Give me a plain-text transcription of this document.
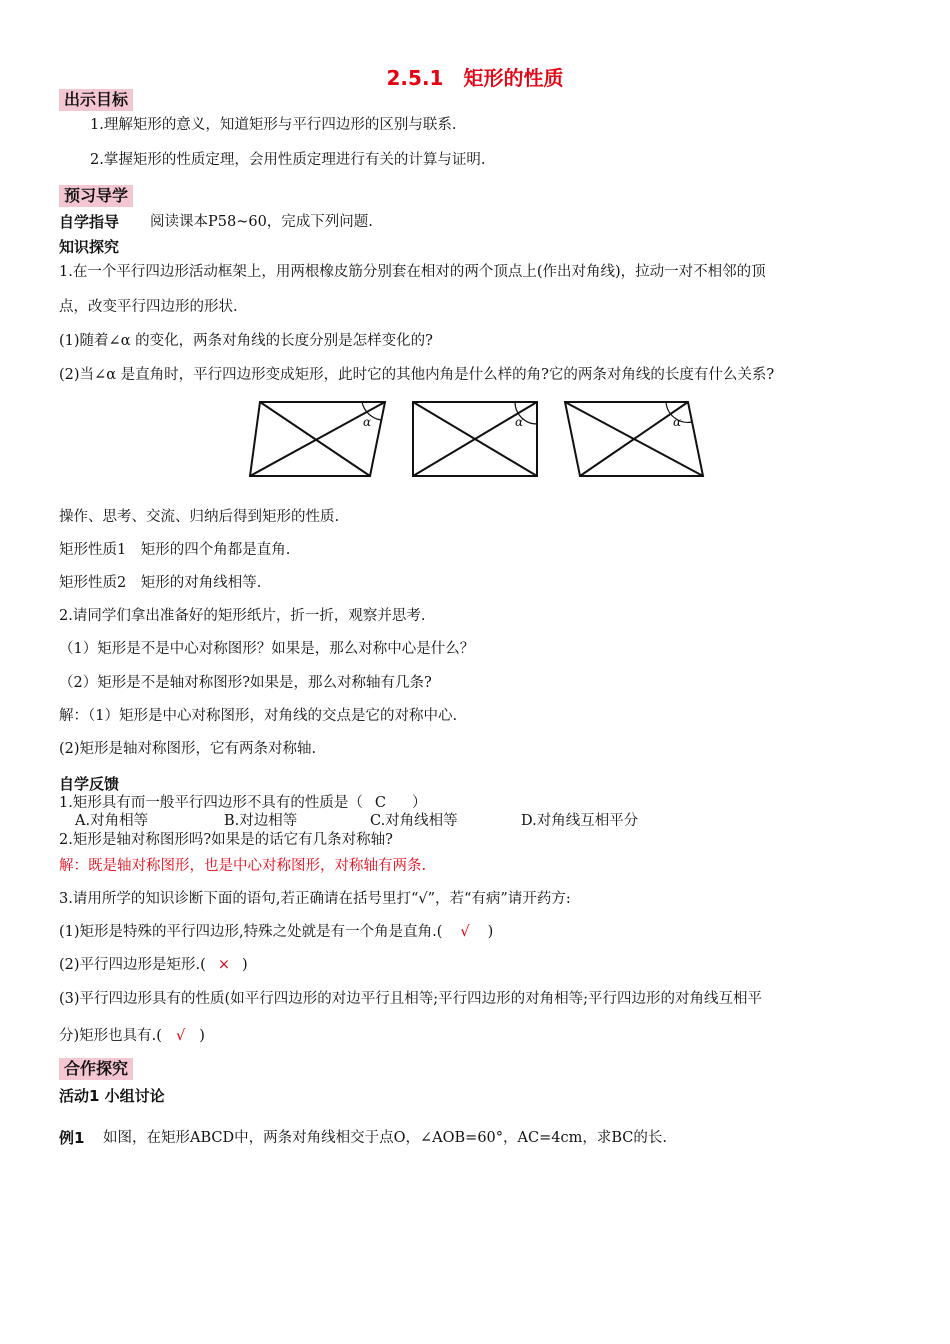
2.5.1　矩形的性质
出示目标
1.理解矩形的意义，知道矩形与平行四边形的区别与联系.
2.掌握矩形的性质定理，会用性质定理进行有关的计算与证明.
预习导学
自学指导 阅读课本P58~60，完成下列问题.
知识探究
1.在一个平行四边形活动框架上，用两根橡皮筋分别套在相对的两个顶点上(作出对角线)，拉动一对不相邻的顶
点，改变平行四边形的形状.
(1)随着∠α 的变化，两条对角线的长度分别是怎样变化的?
(2)当∠α 是直角时，平行四边形变成矩形，此时它的其他内角是什么样的角?它的两条对角线的长度有什么关系?
α	α	α
操作、思考、交流、归纳后得到矩形的性质.
矩形性质1　矩形的四个角都是直角.
矩形性质2　矩形的对角线相等.
2.请同学们拿出准备好的矩形纸片，折一折，观察并思考.
（1）矩形是不是中心对称图形？如果是，那么对称中心是什么？
（2）矩形是不是轴对称图形?如果是，那么对称轴有几条?
解：（1）矩形是中心对称图形，对角线的交点是它的对称中心.
(2)矩形是轴对称图形，它有两条对称轴.
自学反馈
1.矩形具有而一般平行四边形不具有的性质是（ C ）
A.对角相等	B.对边相等	C.对角线相等	D.对角线互相平分
2.矩形是轴对称图形吗?如果是的话它有几条对称轴?
解：既是轴对称图形，也是中心对称图形，对称轴有两条.
3.请用所学的知识诊断下面的语句,若正确请在括号里打“√”，若“有病”请开药方:
(1)矩形是特殊的平行四边形,特殊之处就是有一个角是直角.( √ )
(2)平行四边形是矩形.( × )
(3)平行四边形具有的性质(如平行四边形的对边平行且相等;平行四边形的对角相等;平行四边形的对角线互相平
分)矩形也具有.( √ )
合作探究
活动1 小组讨论
例1 如图，在矩形ABCD中，两条对角线相交于点O，∠AOB=60°，AC=4cm，求BC的长.
